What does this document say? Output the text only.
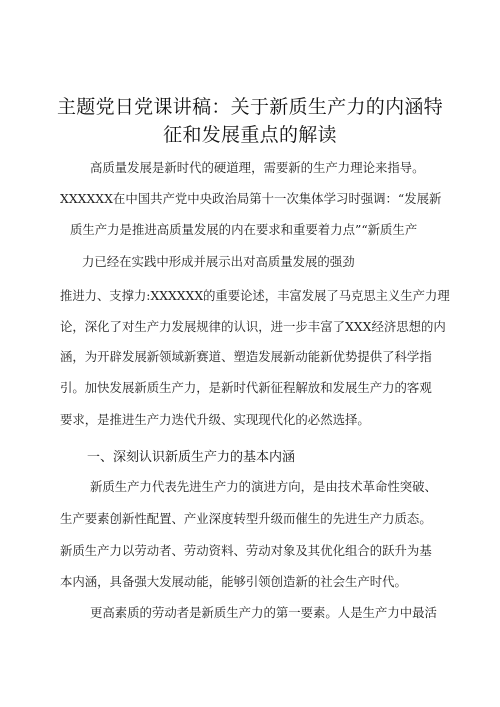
主题党日党课讲稿：关于新质生产力的内涵特
征和发展重点的解读
高质量发展是新时代的硬道理，需要新的生产力理论来指导。
XXXXXX在中国共产党中央政治局第十一次集体学习时强调：“发展新
质生产力是推进高质量发展的内在要求和重要着力点”“新质生产
力已经在实践中形成并展示出对高质量发展的强劲
推进力、支撑力:XXXXXX的重要论述，丰富发展了马克思主义生产力理
论，深化了对生产力发展规律的认识，进一步丰富了XXX经济思想的内
涵，为开辟发展新领域新赛道、塑造发展新动能新优势提供了科学指
引。加快发展新质生产力，是新时代新征程解放和发展生产力的客观
要求，是推进生产力迭代升级、实现现代化的必然选择。
一、深刻认识新质生产力的基本内涵
新质生产力代表先进生产力的演进方向，是由技术革命性突破、
生产要素创新性配置、产业深度转型升级而催生的先进生产力质态。
新质生产力以劳动者、劳动资料、劳动对象及其优化组合的跃升为基
本内涵，具备强大发展动能，能够引领创造新的社会生产时代。
更高素质的劳动者是新质生产力的第一要素。人是生产力中最活
